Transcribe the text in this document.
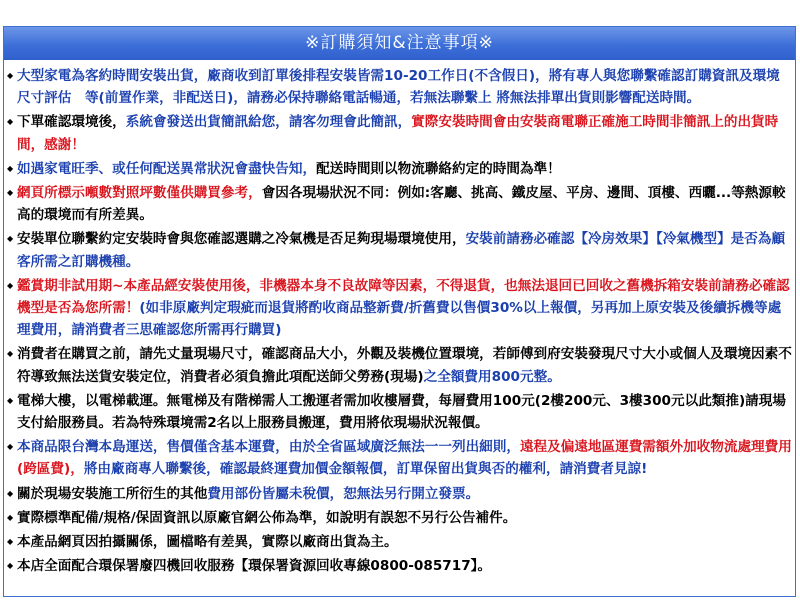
※訂購須知&注意事項※
◆ 大型家電為客約時間安裝出貨，廠商收到訂單後排程安裝皆需10-20工作日(不含假日)，將有專人與您聯繫確認訂購資訊及環境尺寸評估　等(前置作業，非配送日)，請務必保持聯絡電話暢通，若無法聯繫上 將無法排單出貨則影響配送時間。
◆ 下單確認環境後，系統會發送出貨簡訊給您，請客勿理會此簡訊，實際安裝時間會由安裝商電聯正確施工時間非簡訊上的出貨時間，感謝！
◆ 如遇家電旺季、或任何配送異常狀況會盡快告知，配送時間則以物流聯絡約定的時間為準！
◆ 網頁所標示噸數對照坪數僅供購買參考，會因各現場狀況不同：例如:客廳、挑高、鐵皮屋、平房、邊間、頂樓、西曬...等熱源較高的環境而有所差異。
◆ 安裝單位聯繫約定安裝時會與您確認選購之冷氣機是否足夠現場環境使用，安裝前請務必確認【冷房效果】【冷氣機型】是否為顧客所需之訂購機種。
◆ 鑑賞期非試用期~本產品經安裝使用後，非機器本身不良故障等因素，不得退貨，也無法退回已回收之舊機拆箱安裝前請務必確認機型是否為您所需！(如非原廠判定瑕疵而退貨將酌收商品整新費/折舊費以售價30%以上報價，另再加上原安裝及後續拆機等處理費用，請消費者三思確認您所需再行購買)
◆ 消費者在購買之前，請先丈量現場尺寸，確認商品大小，外觀及裝機位置環境，若師傅到府安裝發現尺寸大小或個人及環境因素不符導致無法送貨安裝定位，消費者必須負擔此項配送師父勞務(現場)之全額費用800元整。
◆ 電梯大樓，以電梯載運。無電梯及有階梯需人工搬運者需加收樓層費，每層費用100元(2樓200元、3樓300元以此類推)請現場支付給服務員。若為特殊環境需2名以上服務員搬運，費用將依現場狀況報價。
◆ 本商品限台灣本島運送，售價僅含基本運費，由於全省區域廣泛無法一一列出細則，遠程及偏遠地區運費需額外加收物流處理費用(跨區費)，將由廠商專人聯繫後，確認最終運費加價金額報價，訂單保留出貨與否的權利，請消費者見諒!
◆ 關於現場安裝施工所衍生的其他費用部份皆屬未稅價，恕無法另行開立發票。
◆ 實際標準配備/規格/保固資訊以原廠官網公佈為準，如說明有誤恕不另行公告補件。
◆ 本產品網頁因拍攝關係，圖檔略有差異，實際以廠商出貨為主。
◆ 本店全面配合環保署廢四機回收服務【環保署資源回收專線0800-085717】。
